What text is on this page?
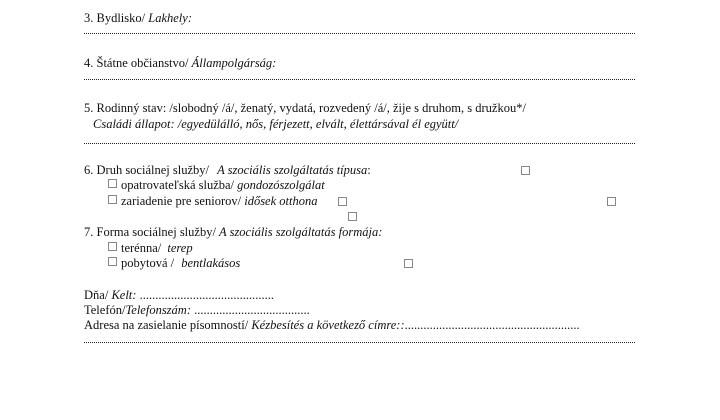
3. Bydlisko/ Lakhely:
4. Štátne občianstvo/ Állampolgárság:
5. Rodinný stav: /slobodný /á/, ženatý, vydatá, rozvedený /á/, žije s druhom, s družkou*/
Családi állapot: /egyedülálló, nős, férjezett, elvált, élettársával él együtt/
6. Druh sociálnej služby/ A szociális szolgáltatás típusa:
opatrovateľská služba/ gondozószolgálat
zariadenie pre seniorov/ idősek otthona
7. Forma sociálnej služby/ A szociális szolgáltatás formája:
terénna/ terep
pobytová / bentlakásos
Dňa/ Kelt: ...........................................
Telefón/Telefonszám: .....................................
Adresa na zasielanie písomností/ Kézbesítés a következő címre::........................................................
